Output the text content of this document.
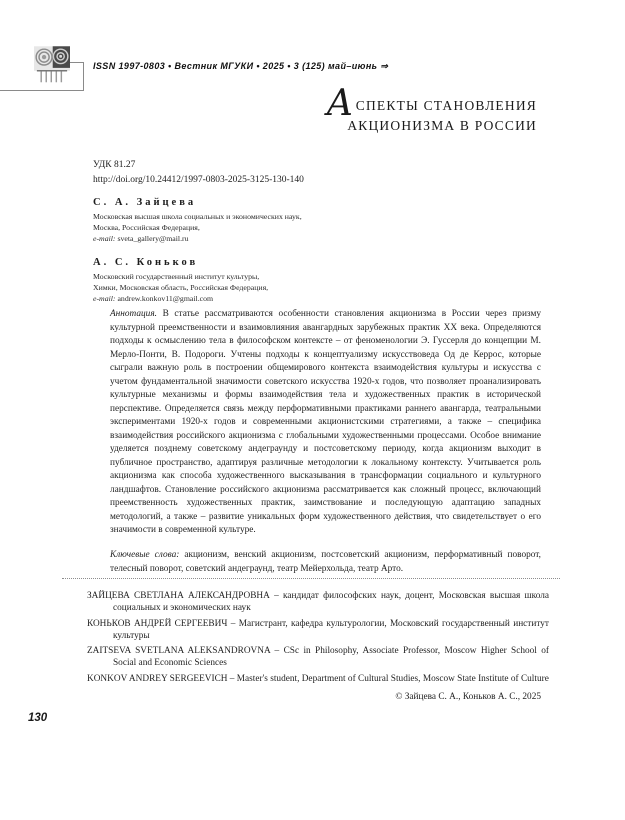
ISSN 1997-0803 • Вестник МГУКИ • 2025 • 3 (125) май–июнь ⇒
АСПЕКТЫ СТАНОВЛЕНИЯ
АКЦИОНИЗМА В РОССИИ
УДК 81.27
http://doi.org/10.24412/1997-0803-2025-3125-130-140
С. А. Зайцева
Московская высшая школа социальных и экономических наук,
Москва, Российская Федерация,
e-mail: sveta_gallery@mail.ru
А. С. Коньков
Московский государственный институт культуры,
Химки, Московская область, Российская Федерация,
e-mail: andrew.konkov11@gmail.com
Аннотация. В статье рассматриваются особенности становления акционизма в России через призму культурной преемственности и взаимовлияния авангардных зарубежных практик XX века. Определяются подходы к осмыслению тела в философском контексте – от феноменологии Э. Гуссерля до концепции М. Мерло-Понти, В. Подороги. Учтены подходы к концептуализму искусствоведа Од де Керрос, которые сыграли важную роль в построении общемирового контекста взаимодействия культуры и искусства с учетом фундаментальной значимости советского искусства 1920-х годов, что позволяет проанализировать культурные механизмы и формы взаимодействия тела и художественных практик в исторической перспективе. Определяется связь между перформативными практиками раннего авангарда, театральными экспериментами 1920-х годов и современными акционистскими стратегиями, а также – специфика взаимодействия российского акционизма с глобальными художественными процессами. Особое внимание уделяется позднему советскому андеграунду и постсоветскому периоду, когда акционизм выходит в публичное пространство, адаптируя различные методологии к локальному контексту. Учитывается роль акционизма как способа художественного высказывания в трансформации социального и культурного ландшафтов. Становление российского акционизма рассматривается как сложный процесс, включающий преемственность художественных практик, заимствование и последующую адаптацию западных методологий, а также – развитие уникальных форм художественного действия, что свидетельствует о его значимости в современной культуре.
Ключевые слова: акционизм, венский акционизм, постсоветский акционизм, перформативный поворот, телесный поворот, советский андеграунд, театр Мейерхольда, театр Арто.

ЗАЙЦЕВА СВЕТЛАНА АЛЕКСАНДРОВНА – кандидат философских наук, доцент, Московская высшая школа социальных и экономических наук

КОНЬКОВ АНДРЕЙ СЕРГЕЕВИЧ – Магистрант, кафедра культурологии, Московский государственный институт культуры

ZAITSEVA SVETLANA ALEKSANDROVNA – CSc in Philosophy, Associate Professor, Moscow Higher School of Social and Economic Sciences

KONKOV ANDREY SERGEEVICH – Master's student, Department of Cultural Studies, Moscow State Institute of Culture

© Зайцева С. А., Коньков А. С., 2025
130
